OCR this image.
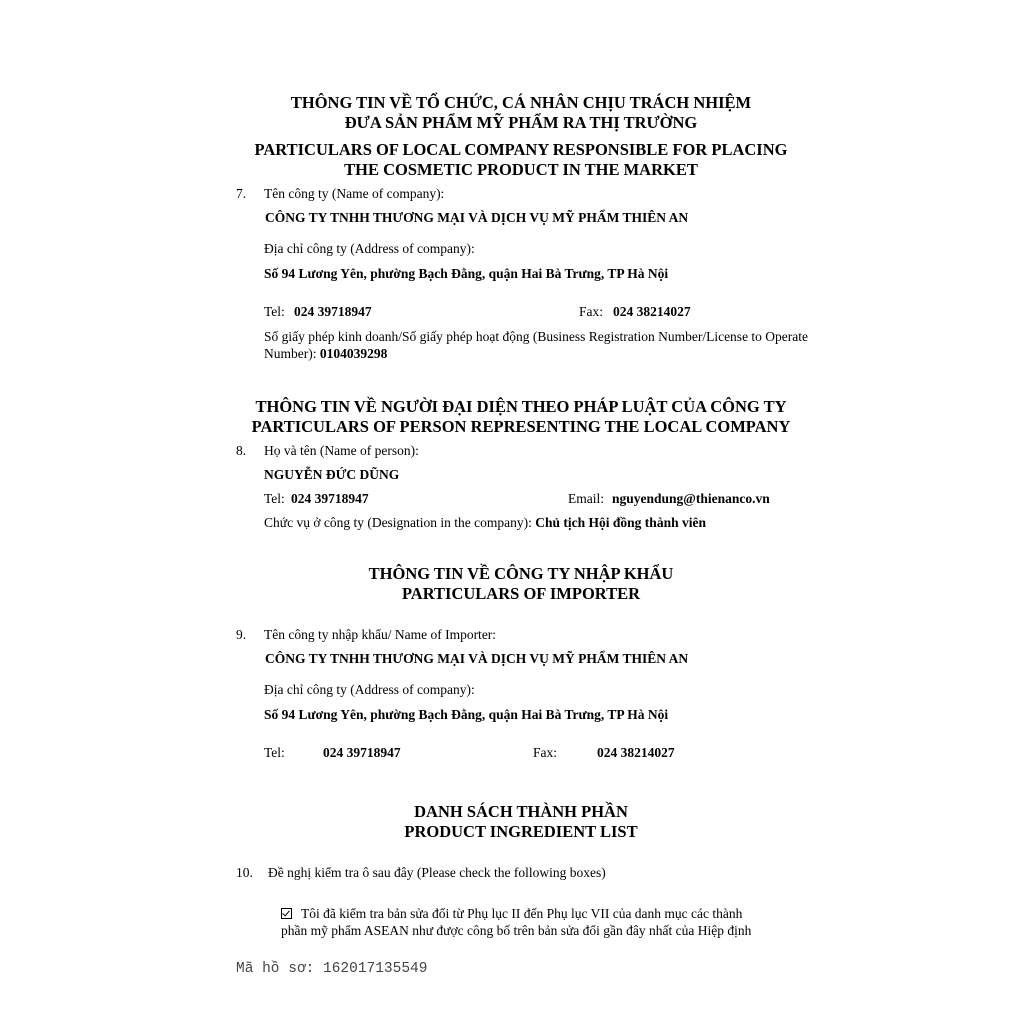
THÔNG TIN VỀ TỔ CHỨC, CÁ NHÂN CHỊU TRÁCH NHIỆM
ĐƯA SẢN PHẨM MỸ PHẨM RA THỊ TRƯỜNG
PARTICULARS OF LOCAL COMPANY RESPONSIBLE FOR PLACING
THE COSMETIC PRODUCT IN THE MARKET
7. Tên công ty (Name of company):
CÔNG TY TNHH THƯƠNG MẠI VÀ DỊCH VỤ MỸ PHẨM THIÊN AN
Địa chỉ công ty (Address of company):
Số 94 Lương Yên, phường Bạch Đằng, quận Hai Bà Trưng, TP Hà Nội
Tel: 024 39718947	Fax: 024 38214027
Số giấy phép kinh doanh/Số giấy phép hoạt động (Business Registration Number/License to Operate Number): 0104039298
THÔNG TIN VỀ NGƯỜI ĐẠI DIỆN THEO PHÁP LUẬT CỦA CÔNG TY
PARTICULARS OF PERSON REPRESENTING THE LOCAL COMPANY
8. Họ và tên (Name of person):
NGUYỄN ĐỨC DŨNG
Tel: 024 39718947	Email: nguyendung@thienanco.vn
Chức vụ ở công ty (Designation in the company): Chủ tịch Hội đồng thành viên
THÔNG TIN VỀ CÔNG TY NHẬP KHẨU
PARTICULARS OF IMPORTER
9. Tên công ty nhập khẩu/ Name of Importer:
CÔNG TY TNHH THƯƠNG MẠI VÀ DỊCH VỤ MỸ PHẨM THIÊN AN
Địa chỉ công ty (Address of company):
Số 94 Lương Yên, phường Bạch Đằng, quận Hai Bà Trưng, TP Hà Nội
Tel:	024 39718947	Fax:	024 38214027
DANH SÁCH THÀNH PHẦN
PRODUCT INGREDIENT LIST
10. Đề nghị kiểm tra ô sau đây (Please check the following boxes)
Tôi đã kiểm tra bản sửa đổi từ Phụ lục II đến Phụ lục VII của danh mục các thành
phần mỹ phẩm ASEAN như được công bố trên bản sửa đổi gần đây nhất của Hiệp định
Mã hồ sơ: 162017135549
